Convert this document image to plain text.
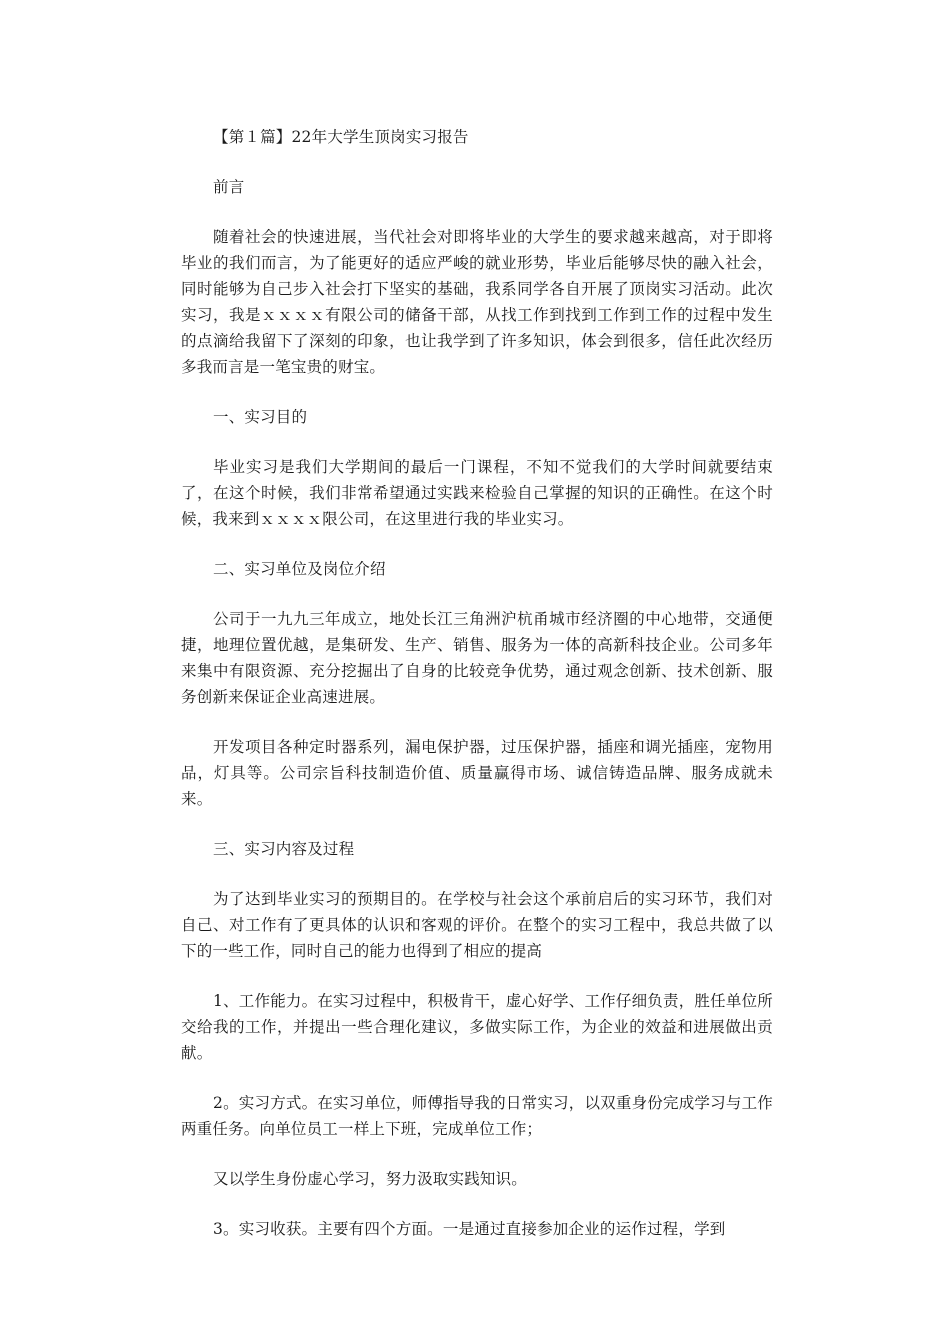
【第１篇】22年大学生顶岗实习报告

前言

随着社会的快速进展，当代社会对即将毕业的大学生的要求越来越高，对于即将毕业的我们而言，为了能更好的适应严峻的就业形势，毕业后能够尽快的融入社会，同时能够为自己步入社会打下坚实的基础，我系同学各自开展了顶岗实习活动。此次实习，我是ｘｘｘｘ有限公司的储备干部，从找工作到找到工作到工作的过程中发生的点滴给我留下了深刻的印象，也让我学到了许多知识，体会到很多，信任此次经历多我而言是一笔宝贵的财宝。

一、实习目的

毕业实习是我们大学期间的最后一门课程，不知不觉我们的大学时间就要结束了，在这个时候，我们非常希望通过实践来检验自己掌握的知识的正确性。在这个时候，我来到ｘｘｘｘ限公司，在这里进行我的毕业实习。

二、实习单位及岗位介绍

公司于一九九三年成立，地处长江三角洲沪杭甬城市经济圈的中心地带，交通便捷，地理位置优越，是集研发、生产、销售、服务为一体的高新科技企业。公司多年来集中有限资源、充分挖掘出了自身的比较竞争优势，通过观念创新、技术创新、服务创新来保证企业高速进展。

开发项目各种定时器系列，漏电保护器，过压保护器，插座和调光插座，宠物用品，灯具等。公司宗旨科技制造价值、质量赢得市场、诚信铸造品牌、服务成就未来。

三、实习内容及过程

为了达到毕业实习的预期目的。在学校与社会这个承前启后的实习环节，我们对自己、对工作有了更具体的认识和客观的评价。在整个的实习工程中，我总共做了以下的一些工作，同时自己的能力也得到了相应的提高

1、工作能力。在实习过程中，积极肯干，虚心好学、工作仔细负责，胜任单位所交给我的工作，并提出一些合理化建议，多做实际工作，为企业的效益和进展做出贡献。

2。实习方式。在实习单位，师傅指导我的日常实习，以双重身份完成学习与工作两重任务。向单位员工一样上下班，完成单位工作；

又以学生身份虚心学习，努力汲取实践知识。

3。实习收获。主要有四个方面。一是通过直接参加企业的运作过程，学到
